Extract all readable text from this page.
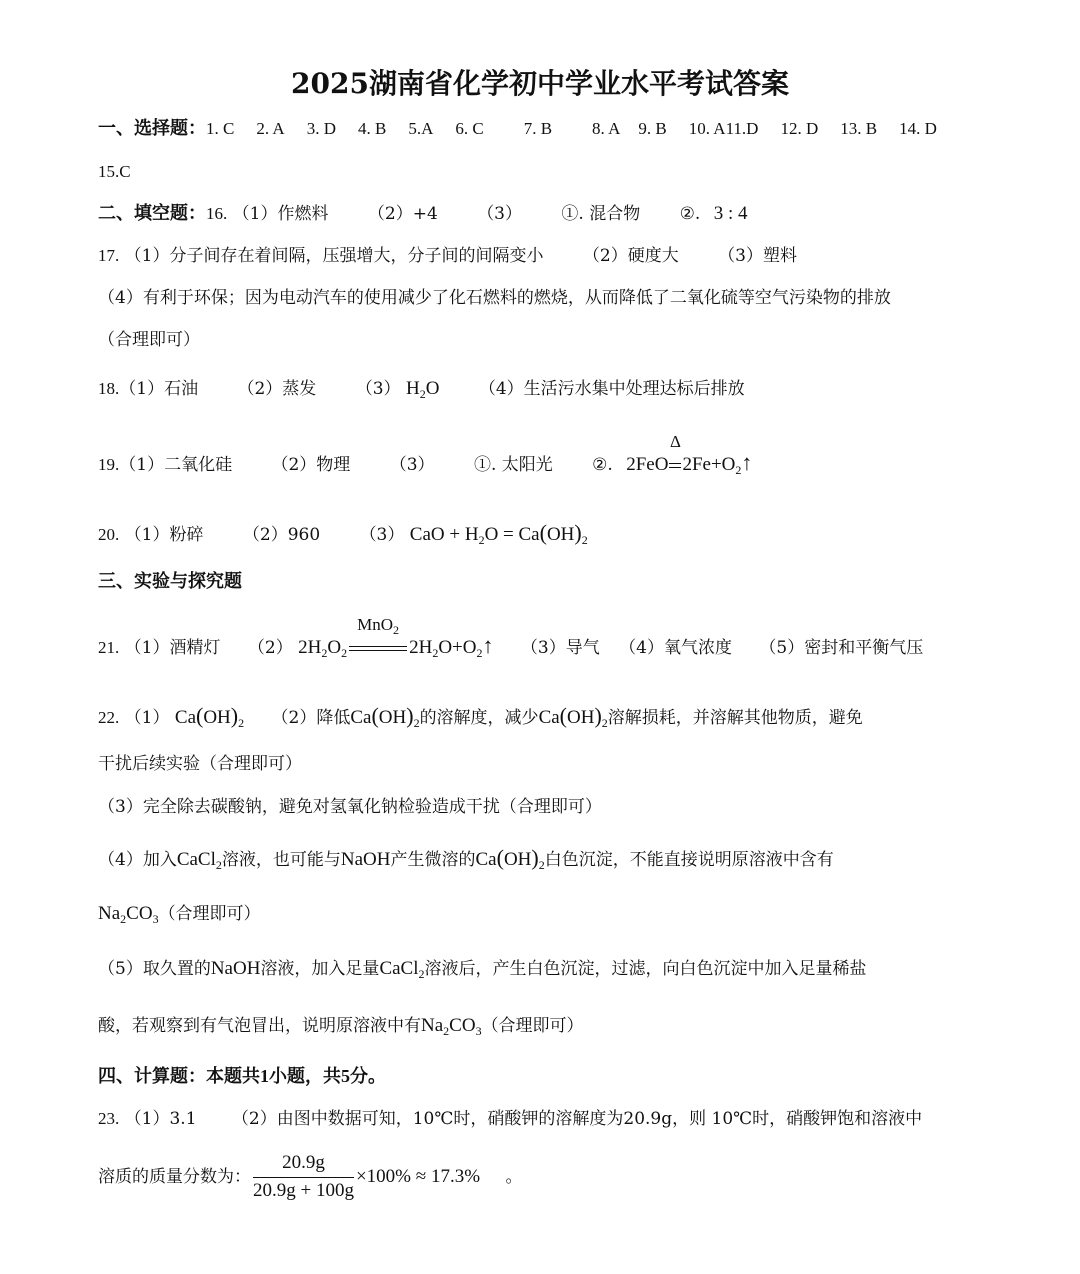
2025湖南省化学初中学业水平考试答案
一、选择题：1. C 2. A 3. D 4. B 5.A 6. C 7. B 8. A 9. B 10. A11.D 12. D 13. B 14. D
15.C
二、填空题：16. （1）作燃料 （2）+4 （3） ①. 混合物 ②. 3 : 4
17. （1）分子间存在着间隔，压强增大，分子间的间隔变小 （2）硬度大 （3）塑料
（4）有利于环保；因为电动汽车的使用减少了化石燃料的燃烧，从而降低了二氧化硫等空气污染物的排放
（合理即可）
18.（1）石油 （2）蒸发 （3） $H_2O$ （4）生活污水集中处理达标后排放
19.（1）二氧化硅 （2）物理 （3） ①. 太阳光 ②. 2FeO
Δ
$2Fe+O_2↑$
20. （1）粉碎 （2）960 （3） CaO + $H_2O = Ca(OH)_2$
三、实验与探究题
21. （1）酒精灯 （2） $2H_2O_2$
MnO$_2$
$2H_2O+O_2↑$ （3）导气 （4）氧气浓度 （5）密封和平衡气压
22. （1） $Ca(OH)_2$ （2）降低$Ca(OH)_2$的溶解度，减少$Ca(OH)_2$溶解损耗，并溶解其他物质，避免
干扰后续实验（合理即可）
（3）完全除去碳酸钠，避免对氢氧化钠检验造成干扰（合理即可）
（4）加入CaCl$_2$溶液，也可能与NaOH产生微溶的$Ca(OH)_2$白色沉淀，不能直接说明原溶液中含有
$Na_2CO_3$（合理即可）
（5）取久置的NaOH溶液，加入足量CaCl$_2$溶液后，产生白色沉淀，过滤，向白色沉淀中加入足量稀盐
酸，若观察到有气泡冒出，说明原溶液中有$Na_2CO_3$（合理即可）
四、计算题：本题共1小题，共5分。
23. （1）3.1 （2）由图中数据可知，10℃时，硝酸钾的溶解度为20.9g，则 10℃时，硝酸钾饱和溶液中
溶质的质量分数为： $\frac{20.9g}{20.9g + 100g} \times 100\% \approx 17.3\%$ 。
